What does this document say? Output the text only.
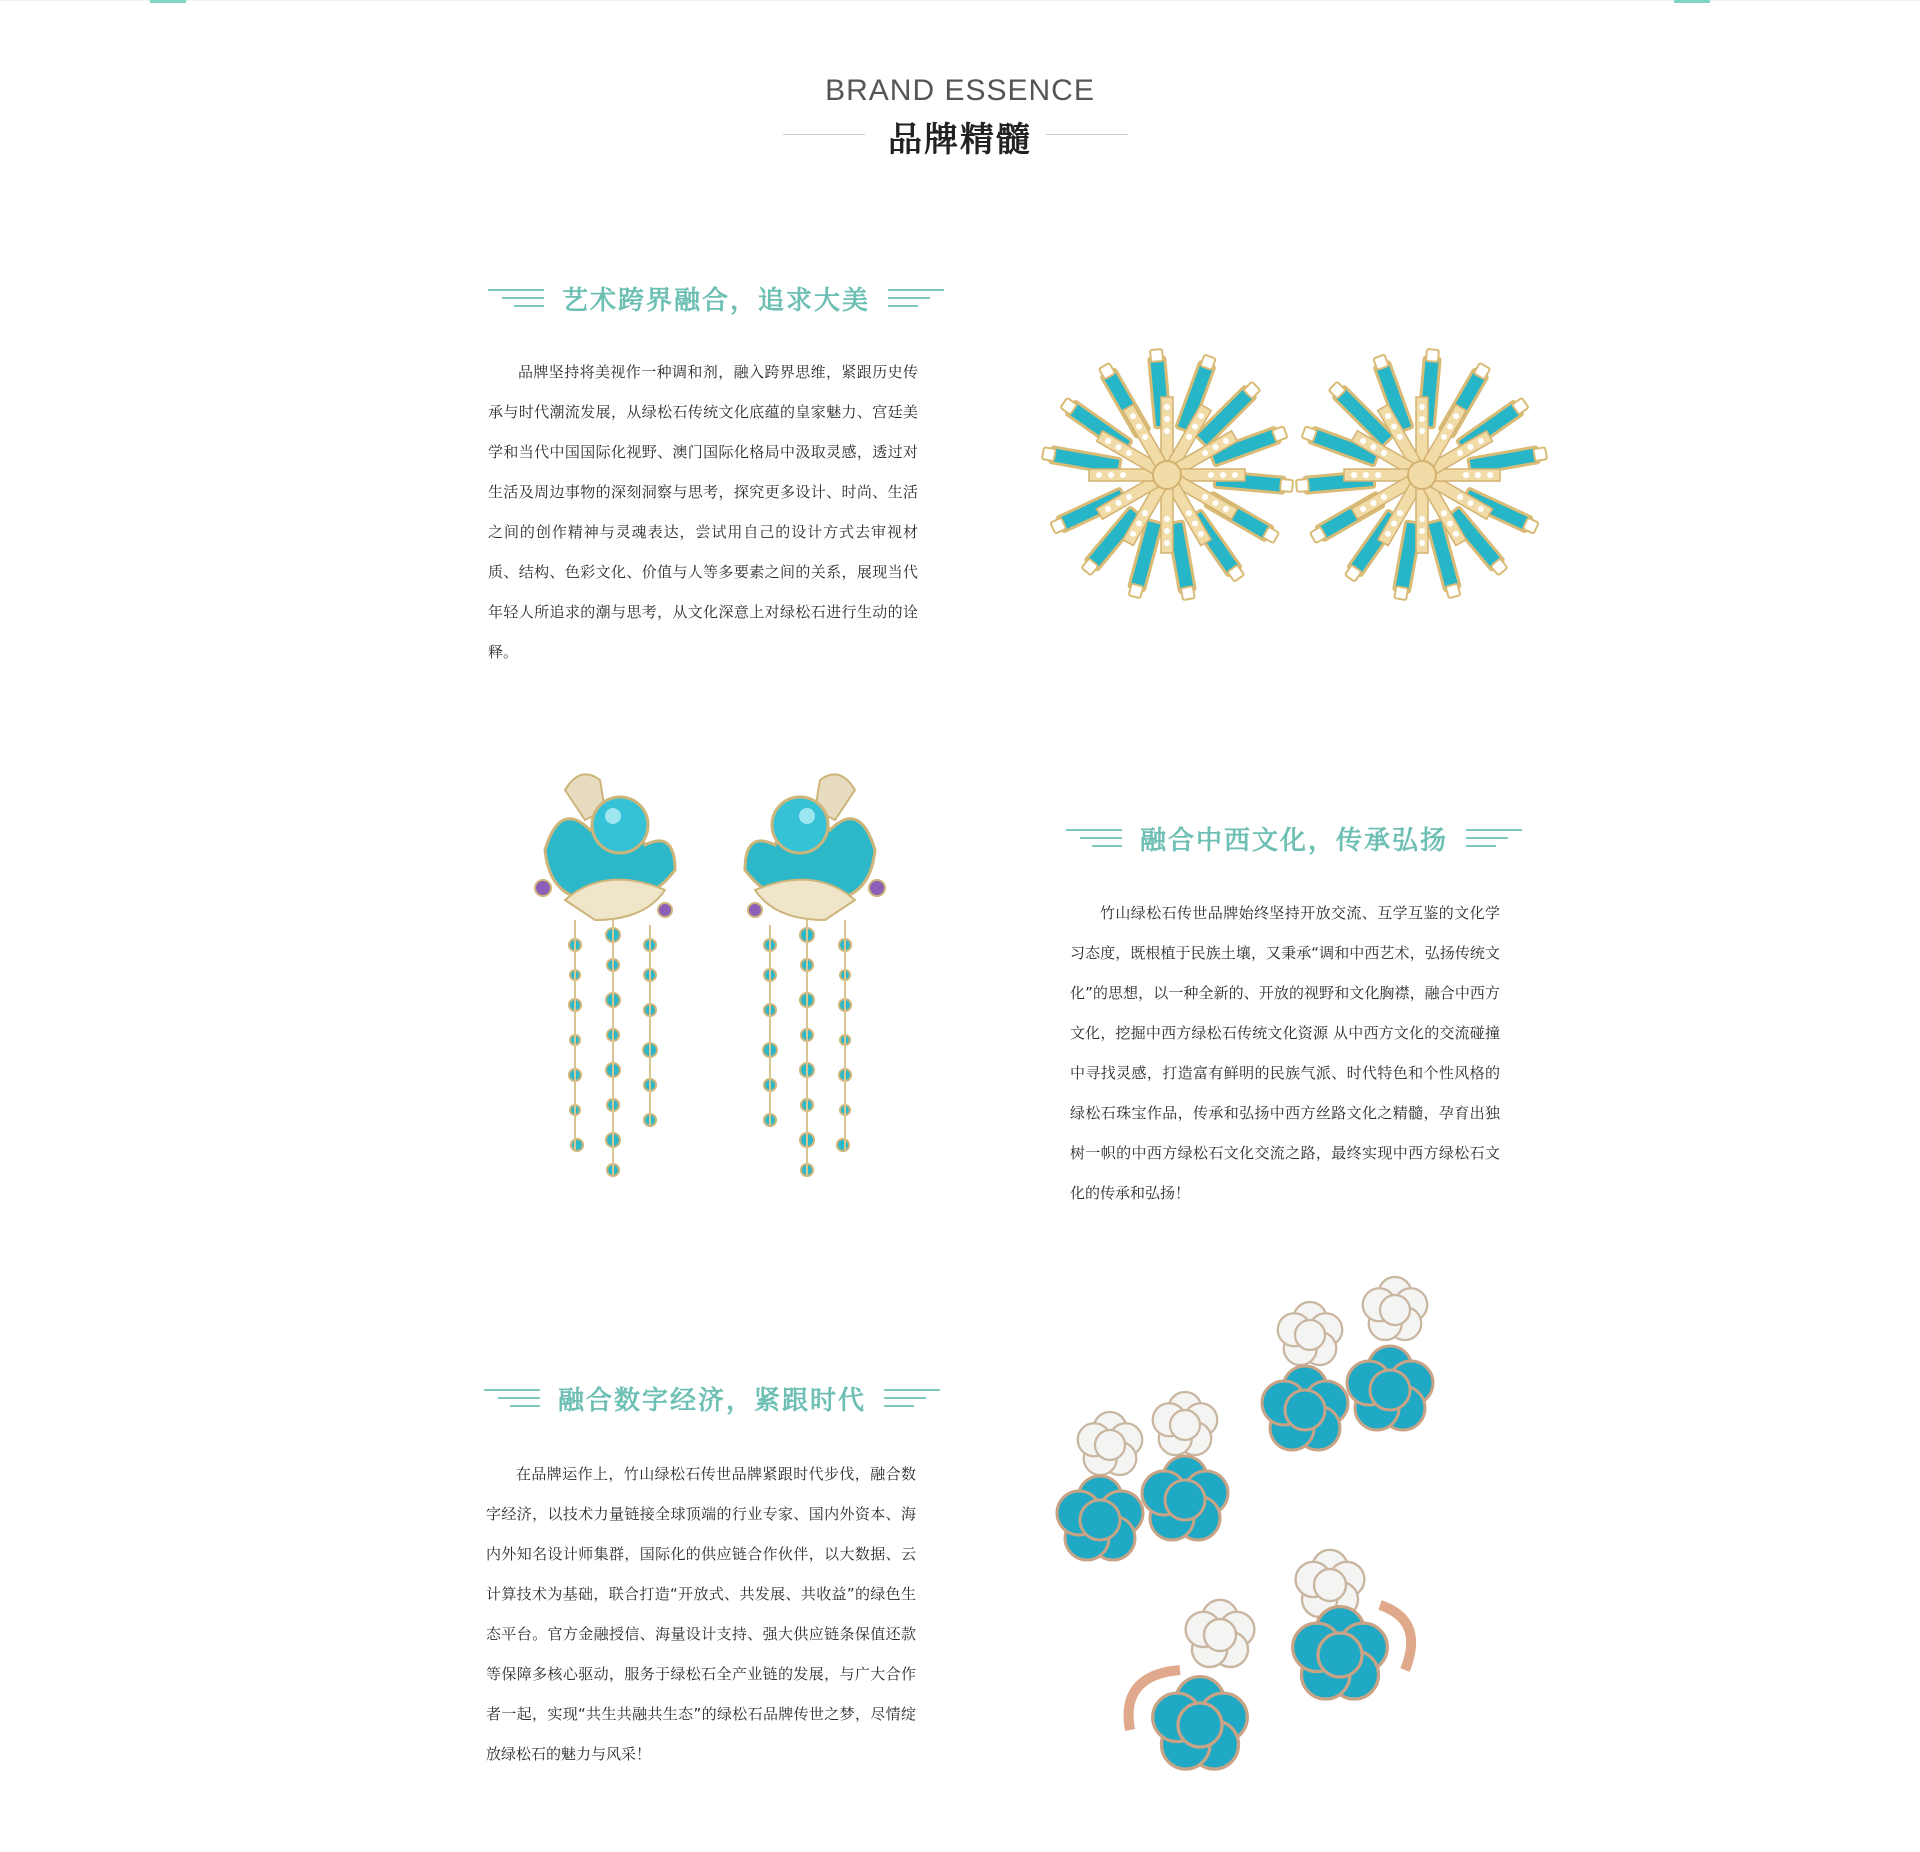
BRAND ESSENCE
品牌精髓
艺术跨界融合，追求大美
品牌坚持将美视作一种调和剂，融入跨界思维，紧跟历史传承与时代潮流发展，从绿松石传统文化底蕴的皇家魅力、宫廷美学和当代中国国际化视野、澳门国际化格局中汲取灵感，透过对生活及周边事物的深刻洞察与思考，探究更多设计、时尚、生活之间的创作精神与灵魂表达，尝试用自己的设计方式去审视材质、结构、色彩文化、价值与人等多要素之间的关系，展现当代年轻人所追求的潮与思考，从文化深意上对绿松石进行生动的诠释。
融合中西文化，传承弘扬
竹山绿松石传世品牌始终坚持开放交流、互学互鉴的文化学习态度，既根植于民族土壤，又秉承“调和中西艺术，弘扬传统文化”的思想，以一种全新的、开放的视野和文化胸襟，融合中西方文化，挖掘中西方绿松石传统文化资源 从中西方文化的交流碰撞中寻找灵感，打造富有鲜明的民族气派、时代特色和个性风格的绿松石珠宝作品，传承和弘扬中西方丝路文化之精髓，孕育出独树一帜的中西方绿松石文化交流之路，最终实现中西方绿松石文化的传承和弘扬！
融合数字经济，紧跟时代
在品牌运作上，竹山绿松石传世品牌紧跟时代步伐，融合数字经济，以技术力量链接全球顶端的行业专家、国内外资本、海内外知名设计师集群，国际化的供应链合作伙伴，以大数据、云计算技术为基础，联合打造“开放式、共发展、共收益”的绿色生态平台。官方金融授信、海量设计支持、强大供应链条保值还款等保障多核心驱动，服务于绿松石全产业链的发展，与广大合作者一起，实现“共生共融共生态”的绿松石品牌传世之梦，尽情绽放绿松石的魅力与风采！
